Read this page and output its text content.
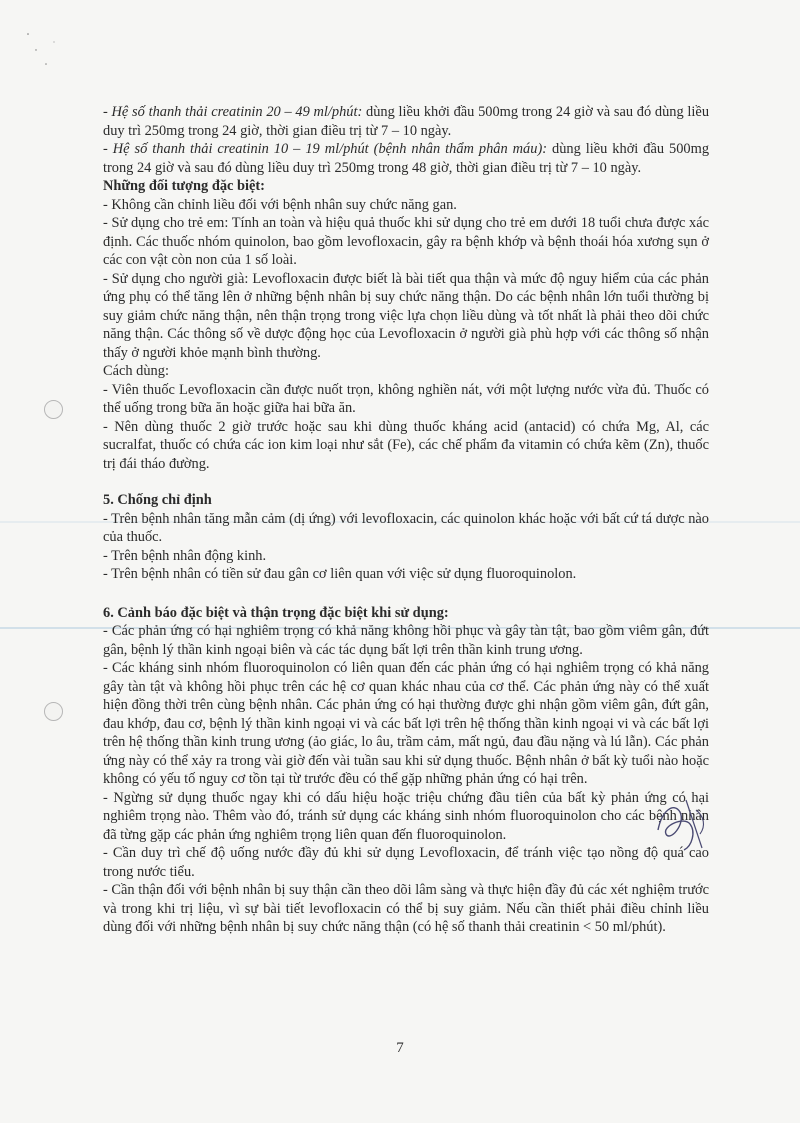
- Hệ số thanh thải creatinin 20 – 49 ml/phút: dùng liều khởi đầu 500mg trong 24 giờ và sau đó dùng liều duy trì 250mg trong 24 giờ, thời gian điều trị từ 7 – 10 ngày.

- Hệ số thanh thải creatinin 10 – 19 ml/phút (bệnh nhân thẩm phân máu): dùng liều khởi đầu 500mg trong 24 giờ và sau đó dùng liều duy trì 250mg trong 48 giờ, thời gian điều trị từ 7 – 10 ngày.

Những đối tượng đặc biệt:

- Không cần chỉnh liều đối với bệnh nhân suy chức năng gan.

- Sử dụng cho trẻ em: Tính an toàn và hiệu quả thuốc khi sử dụng cho trẻ em dưới 18 tuổi chưa được xác định. Các thuốc nhóm quinolon, bao gồm levofloxacin, gây ra bệnh khớp và bệnh thoái hóa xương sụn ở các con vật còn non của 1 số loài.

- Sử dụng cho người già: Levofloxacin được biết là bài tiết qua thận và mức độ nguy hiểm của các phản ứng phụ có thể tăng lên ở những bệnh nhân bị suy chức năng thận. Do các bệnh nhân lớn tuổi thường bị suy giảm chức năng thận, nên thận trọng trong việc lựa chọn liều dùng và tốt nhất là phải theo dõi chức năng thận. Các thông số về dược động học của Levofloxacin ở người già phù hợp với các thông số nhận thấy ở người khỏe mạnh bình thường.

Cách dùng:

- Viên thuốc Levofloxacin cần được nuốt trọn, không nghiền nát, với một lượng nước vừa đủ. Thuốc có thể uống trong bữa ăn hoặc giữa hai bữa ăn.

- Nên dùng thuốc 2 giờ trước hoặc sau khi dùng thuốc kháng acid (antacid) có chứa Mg, Al, các sucralfat, thuốc có chứa các ion kim loại như sắt (Fe), các chế phẩm đa vitamin có chứa kẽm (Zn), thuốc trị đái tháo đường.

5. Chống chỉ định

- Trên bệnh nhân tăng mẫn cảm (dị ứng) với levofloxacin, các quinolon khác hoặc với bất cứ tá dược nào của thuốc.

- Trên bệnh nhân động kinh.

- Trên bệnh nhân có tiền sử đau gân cơ liên quan với việc sử dụng fluoroquinolon.

6. Cảnh báo đặc biệt và thận trọng đặc biệt khi sử dụng:

- Các phản ứng có hại nghiêm trọng có khả năng không hồi phục và gây tàn tật, bao gồm viêm gân, đứt gân, bệnh lý thần kinh ngoại biên và các tác dụng bất lợi trên thần kinh trung ương.

- Các kháng sinh nhóm fluoroquinolon có liên quan đến các phản ứng có hại nghiêm trọng có khả năng gây tàn tật và không hồi phục trên các hệ cơ quan khác nhau của cơ thể. Các phản ứng này có thể xuất hiện đồng thời trên cùng bệnh nhân. Các phản ứng có hại thường được ghi nhận gồm viêm gân, đứt gân, đau khớp, đau cơ, bệnh lý thần kinh ngoại vi và các bất lợi trên hệ thống thần kinh ngoại vi và các bất lợi trên hệ thống thần kinh trung ương (ảo giác, lo âu, trầm cảm, mất ngủ, đau đầu nặng và lú lẫn). Các phản ứng này có thể xảy ra trong vài giờ đến vài tuần sau khi sử dụng thuốc. Bệnh nhân ở bất kỳ tuổi nào hoặc không có yếu tố nguy cơ tồn tại từ trước đều có thể gặp những phản ứng có hại trên.

- Ngừng sử dụng thuốc ngay khi có dấu hiệu hoặc triệu chứng đầu tiên của bất kỳ phản ứng có hại nghiêm trọng nào. Thêm vào đó, tránh sử dụng các kháng sinh nhóm fluoroquinolon cho các bệnh nhân đã từng gặp các phản ứng nghiêm trọng liên quan đến fluoroquinolon.

- Cần duy trì chế độ uống nước đầy đủ khi sử dụng Levofloxacin, để tránh việc tạo nồng độ quá cao trong nước tiểu.

- Cần thận đối với bệnh nhân bị suy thận cần theo dõi lâm sàng và thực hiện đầy đủ các xét nghiệm trước và trong khi trị liệu, vì sự bài tiết levofloxacin có thể bị suy giảm. Nếu cần thiết phải điều chỉnh liều dùng đối với những bệnh nhân bị suy chức năng thận (có hệ số thanh thải creatinin < 50 ml/phút).

7
